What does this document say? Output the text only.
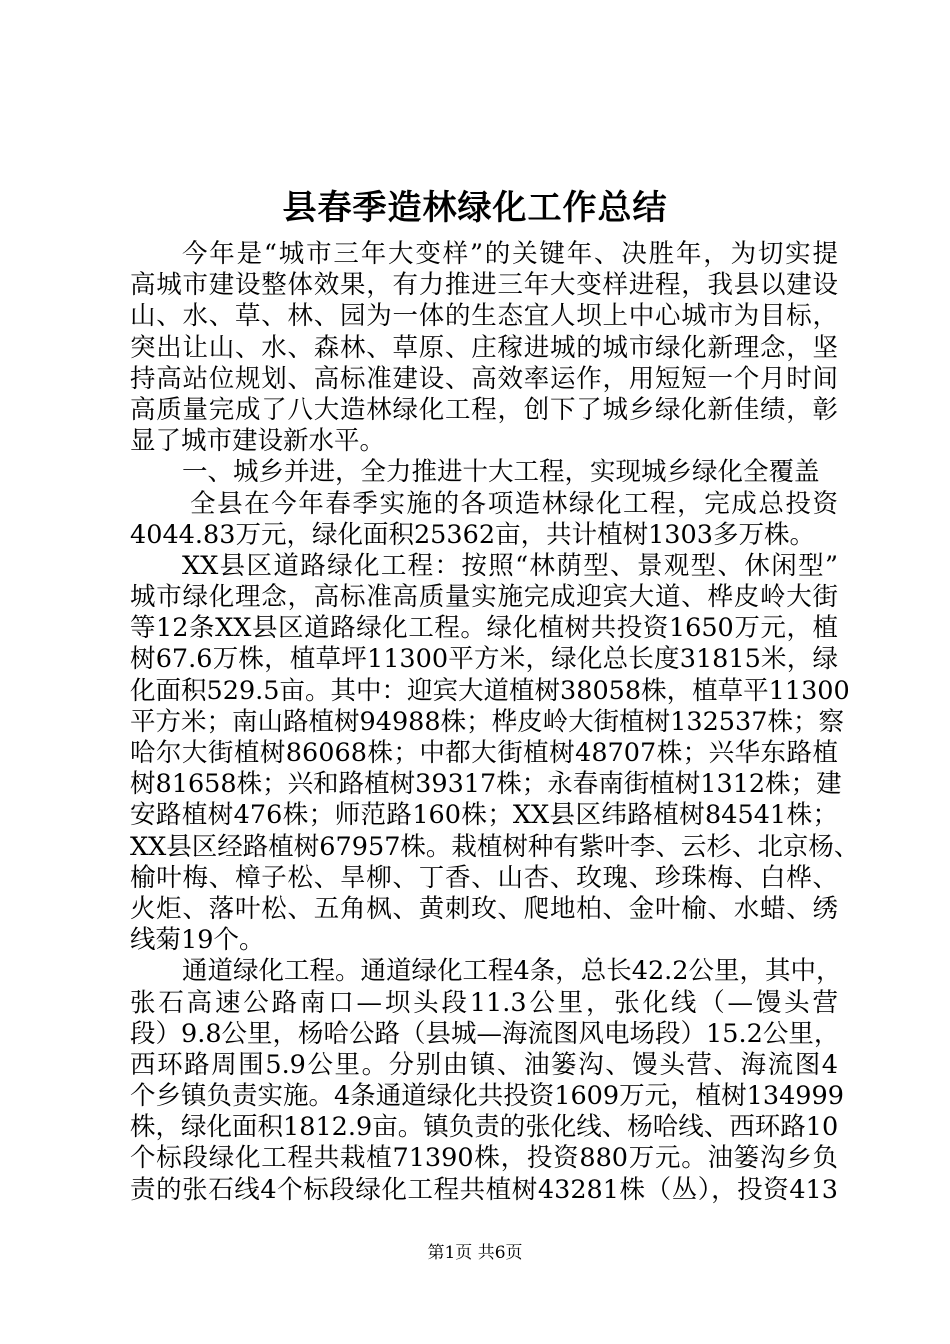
县春季造林绿化工作总结
今年是“城市三年大变样”的关键年、决胜年，为切实提
高城市建设整体效果，有力推进三年大变样进程，我县以建设
山、水、草、林、园为一体的生态宜人坝上中心城市为目标，
突出让山、水、森林、草原、庄稼进城的城市绿化新理念，坚
持高站位规划、高标准建设、高效率运作，用短短一个月时间
高质量完成了八大造林绿化工程，创下了城乡绿化新佳绩，彰
显了城市建设新水平。
一、城乡并进，全力推进十大工程，实现城乡绿化全覆盖
全县在今年春季实施的各项造林绿化工程，完成总投资
4044.83万元，绿化面积25362亩，共计植树1303多万株。
XX县区道路绿化工程：按照“林荫型、景观型、休闲型”
城市绿化理念，高标准高质量实施完成迎宾大道、桦皮岭大街
等12条XX县区道路绿化工程。绿化植树共投资1650万元，植
树67.6万株，植草坪11300平方米，绿化总长度31815米，绿
化面积529.5亩。其中：迎宾大道植树38058株，植草平11300
平方米；南山路植树94988株；桦皮岭大街植树132537株；察
哈尔大街植树86068株；中都大街植树48707株；兴华东路植
树81658株；兴和路植树39317株；永春南街植树1312株；建
安路植树476株；师范路160株；XX县区纬路植树84541株；
XX县区经路植树67957株。栽植树种有紫叶李、云杉、北京杨、
榆叶梅、樟子松、旱柳、丁香、山杏、玫瑰、珍珠梅、白桦、
火炬、落叶松、五角枫、黄刺玫、爬地柏、金叶榆、水蜡、绣
线菊19个。
通道绿化工程。通道绿化工程4条，总长42.2公里，其中，
张石高速公路南口—坝头段11.3公里，张化线（—馒头营
段）9.8公里，杨哈公路（县城—海流图风电场段）15.2公里，
西环路周围5.9公里。分别由镇、油篓沟、馒头营、海流图4
个乡镇负责实施。4条通道绿化共投资1609万元，植树134999
株，绿化面积1812.9亩。镇负责的张化线、杨哈线、西环路10
个标段绿化工程共栽植71390株，投资880万元。油篓沟乡负
责的张石线4个标段绿化工程共植树43281株（丛），投资413
第1页 共6页
